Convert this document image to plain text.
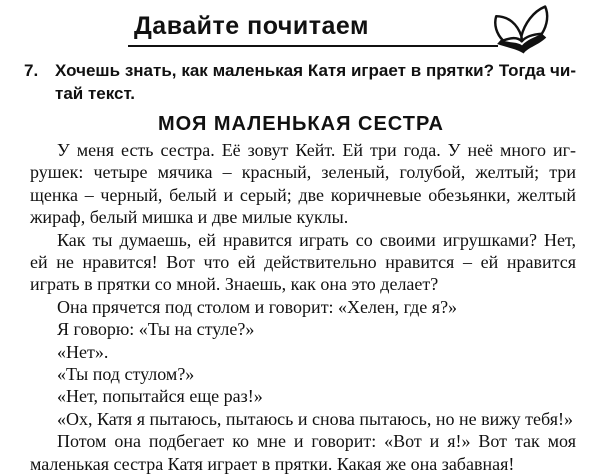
Давайте почитаем
7. Хочешь знать, как маленькая Катя играет в прятки? Тогда чи-
тай текст.
МОЯ МАЛЕНЬКАЯ СЕСТРА
У меня есть сестра. Её зовут Кейт. Ей три года. У неё много иг-
рушек: четыре мячика – красный, зеленый, голубой, желтый; три
щенка – черный, белый и серый; две коричневые обезьянки, желтый
жираф, белый мишка и две милые куклы.
Как ты думаешь, ей нравится играть со своими игрушками? Нет,
ей не нравится! Вот что ей действительно нравится – ей нравится
играть в прятки со мной. Знаешь, как она это делает?
Она прячется под столом и говорит: «Хелен, где я?»
Я говорю: «Ты на стуле?»
«Нет».
«Ты под стулом?»
«Нет, попытайся еще раз!»
«Ох, Катя я пытаюсь, пытаюсь и снова пытаюсь, но не вижу тебя!»
Потом она подбегает ко мне и говорит: «Вот и я!» Вот так моя
маленькая сестра Катя играет в прятки. Какая же она забавная!
